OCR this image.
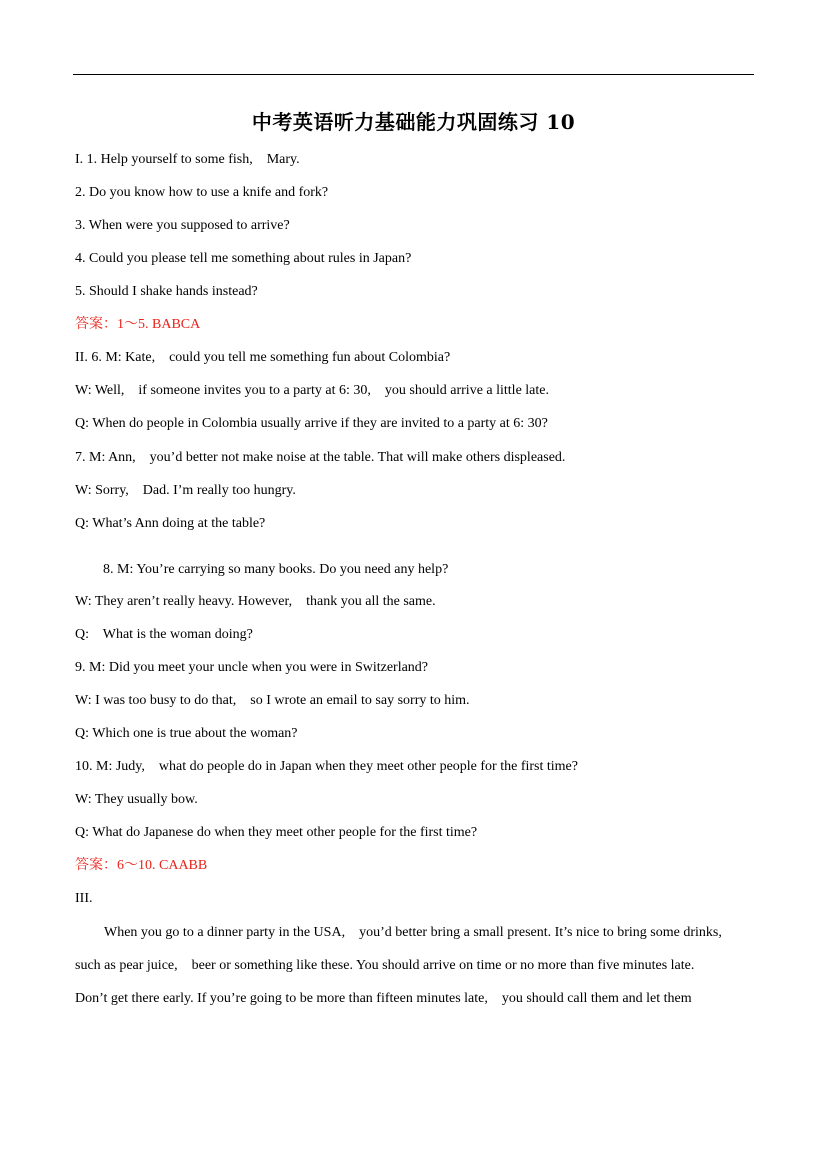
中考英语听力基础能力巩固练习 10
I. 1. Help yourself to some fish,    Mary.
2. Do you know how to use a knife and fork?
3. When were you supposed to arrive?
4. Could you please tell me something about rules in Japan?
5. Should I shake hands instead?
答案：1～5. BABCA
II. 6. M: Kate,    could you tell me something fun about Colombia?
W: Well,    if someone invites you to a party at 6: 30,    you should arrive a little late.
Q: When do people in Colombia usually arrive if they are invited to a party at 6: 30?
7. M: Ann,    you’d better not make noise at the table. That will make others displeased.
W: Sorry,    Dad. I’m really too hungry.
Q: What’s Ann doing at the table?
8. M: You’re carrying so many books. Do you need any help?
W: They aren’t really heavy. However,    thank you all the same.
Q:    What is the woman doing?
9. M: Did you meet your uncle when you were in Switzerland?
W: I was too busy to do that,    so I wrote an email to say sorry to him.
Q: Which one is true about the woman?
10. M: Judy,    what do people do in Japan when they meet other people for the first time?
W: They usually bow.
Q: What do Japanese do when they meet other people for the first time?
答案：6～10. CAABB
III.
When you go to a dinner party in the USA,    you’d better bring a small present. It’s nice to bring some drinks,
such as pear juice,    beer or something like these. You should arrive on time or no more than five minutes late.
Don’t get there early. If you’re going to be more than fifteen minutes late,    you should call them and let them
